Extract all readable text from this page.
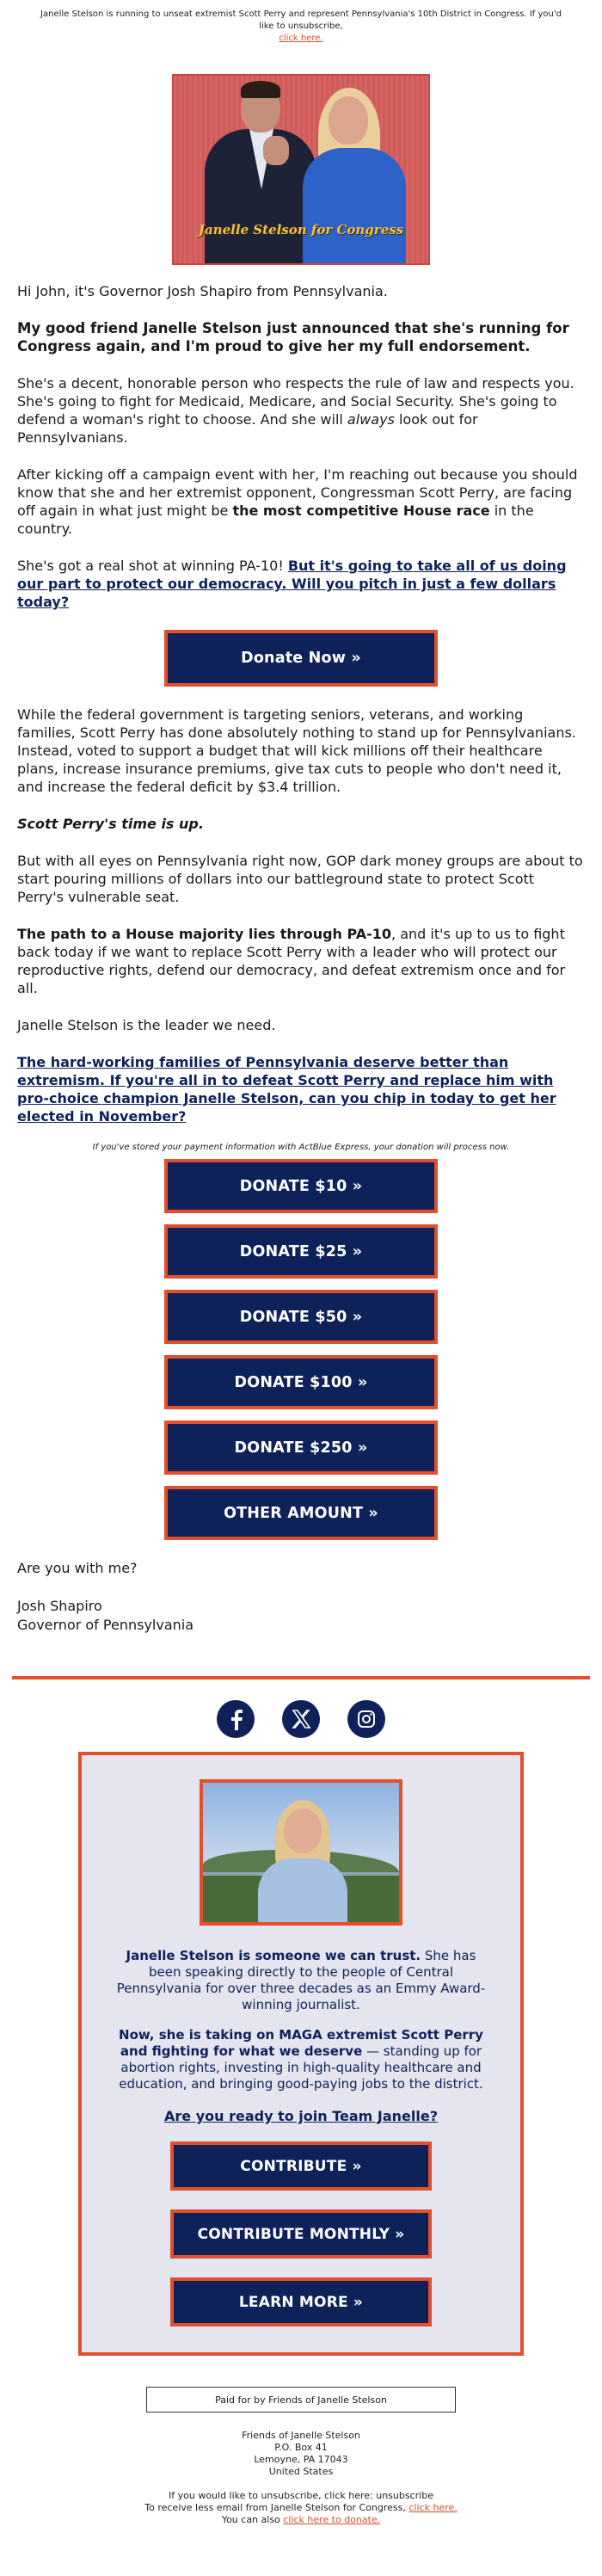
Janelle Stelson is running to unseat extremist Scott Perry and represent Pennsylvania's 10th District in Congress. If you'd like to unsubscribe,
click here.
Janelle Stelson for Congress

Hi John, it's Governor Josh Shapiro from Pennsylvania.

My good friend Janelle Stelson just announced that she's running for Congress again, and I'm proud to give her my full endorsement.

She's a decent, honorable person who respects the rule of law and respects you. She's going to fight for Medicaid, Medicare, and Social Security. She's going to defend a woman's right to choose. And she will always look out for Pennsylvanians.

After kicking off a campaign event with her, I'm reaching out because you should know that she and her extremist opponent, Congressman Scott Perry, are facing off again in what just might be the most competitive House race in the country.

She's got a real shot at winning PA-10! But it's going to take all of us doing our part to protect our democracy. Will you pitch in just a few dollars today?

Donate Now »

While the federal government is targeting seniors, veterans, and working families, Scott Perry has done absolutely nothing to stand up for Pennsylvanians. Instead, voted to support a budget that will kick millions off their healthcare plans, increase insurance premiums, give tax cuts to people who don't need it, and increase the federal deficit by $3.4 trillion.

Scott Perry's time is up.

But with all eyes on Pennsylvania right now, GOP dark money groups are about to start pouring millions of dollars into our battleground state to protect Scott Perry's vulnerable seat.

The path to a House majority lies through PA-10, and it's up to us to fight back today if we want to replace Scott Perry with a leader who will protect our reproductive rights, defend our democracy, and defeat extremism once and for all.

Janelle Stelson is the leader we need.

The hard-working families of Pennsylvania deserve better than extremism. If you're all in to defeat Scott Perry and replace him with pro-choice champion Janelle Stelson, can you chip in today to get her elected in November?

If you've stored your payment information with ActBlue Express, your donation will process now.
DONATE $10 »
DONATE $25 »
DONATE $50 »
DONATE $100 »
DONATE $250 »
OTHER AMOUNT »
Are you with me?
Josh Shapiro
Governor of Pennsylvania
Janelle Stelson is someone we can trust. She has been speaking directly to the people of Central Pennsylvania for over three decades as an Emmy Award-winning journalist.
Now, she is taking on MAGA extremist Scott Perry and fighting for what we deserve — standing up for abortion rights, investing in high-quality healthcare and education, and bringing good-paying jobs to the district.
Are you ready to join Team Janelle?
CONTRIBUTE »
CONTRIBUTE MONTHLY »
LEARN MORE »
Paid for by Friends of Janelle Stelson
Friends of Janelle Stelson
P.O. Box 41
Lemoyne, PA 17043
United States
If you would like to unsubscribe, click here: unsubscribe
To receive less email from Janelle Stelson for Congress, click here.
You can also click here to donate.
